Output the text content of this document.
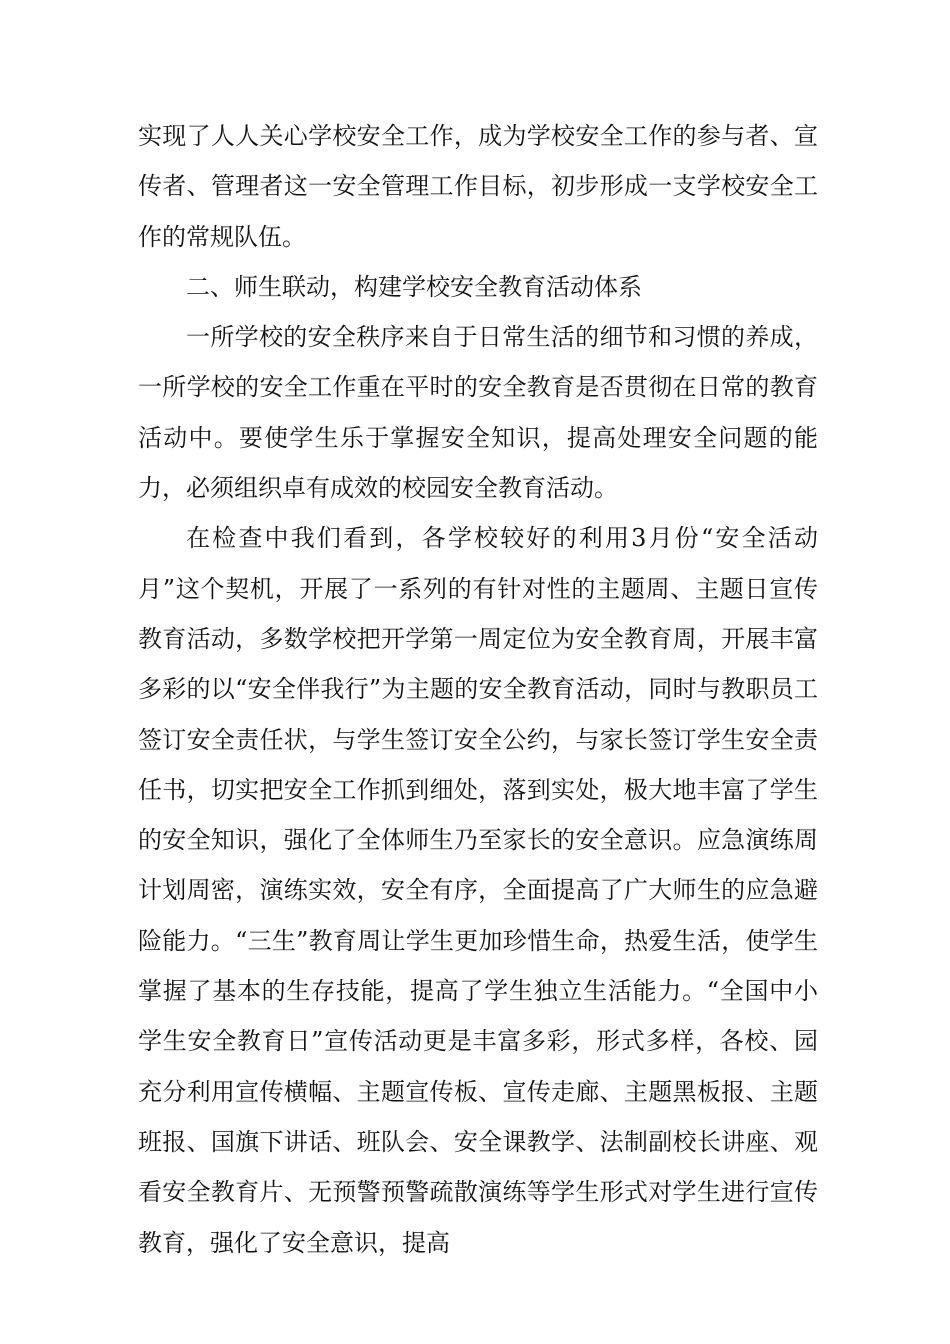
实现了人人关心学校安全工作，成为学校安全工作的参与者、宣传者、管理者这一安全管理工作目标，初步形成一支学校安全工作的常规队伍。

二、师生联动，构建学校安全教育活动体系

一所学校的安全秩序来自于日常生活的细节和习惯的养成，一所学校的安全工作重在平时的安全教育是否贯彻在日常的教育活动中。要使学生乐于掌握安全知识，提高处理安全问题的能力，必须组织卓有成效的校园安全教育活动。

在检查中我们看到，各学校较好的利用3月份“安全活动月”这个契机，开展了一系列的有针对性的主题周、主题日宣传教育活动，多数学校把开学第一周定位为安全教育周，开展丰富多彩的以“安全伴我行”为主题的安全教育活动，同时与教职员工签订安全责任状，与学生签订安全公约，与家长签订学生安全责任书，切实把安全工作抓到细处，落到实处，极大地丰富了学生的安全知识，强化了全体师生乃至家长的安全意识。应急演练周计划周密，演练实效，安全有序，全面提高了广大师生的应急避险能力。“三生”教育周让学生更加珍惜生命，热爱生活，使学生掌握了基本的生存技能，提高了学生独立生活能力。“全国中小学生安全教育日”宣传活动更是丰富多彩，形式多样，各校、园充分利用宣传横幅、主题宣传板、宣传走廊、主题黑板报、主题班报、国旗下讲话、班队会、安全课教学、法制副校长讲座、观看安全教育片、无预警预警疏散演练等学生形式对学生进行宣传教育，强化了安全意识，提高
